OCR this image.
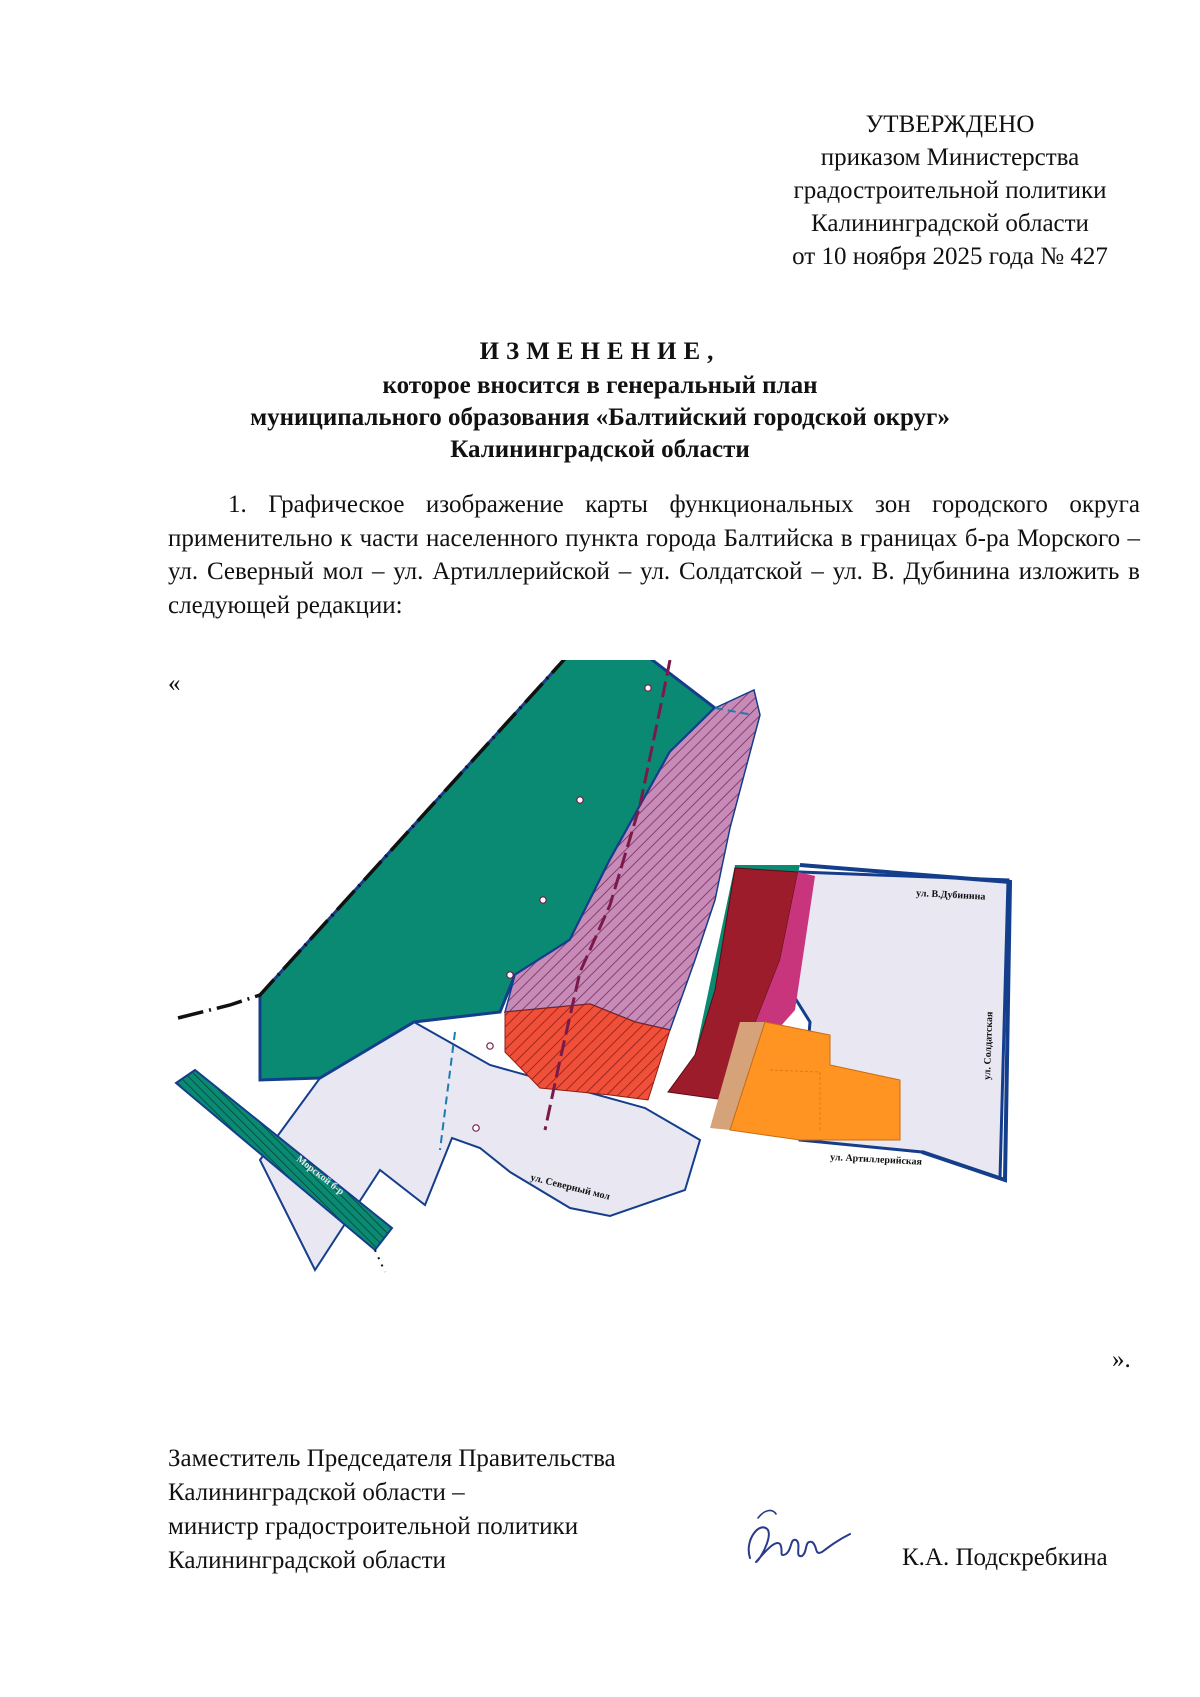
УТВЕРЖДЕНО
приказом Министерства
градостроительной политики
Калининградской области
от 10 ноября 2025 года № 427
ИЗМЕНЕНИЕ,
которое вносится в генеральный план
муниципального образования «Балтийский городской округ»
Калининградской области
1. Графическое изображение карты функциональных зон городского округа применительно к части населенного пункта города Балтийска в границах б-ра Морского – ул. Северный мол – ул. Артиллерийской – ул. Солдатской – ул. В. Дубинина изложить в следующей редакции:
«
ул. В.Дубинина
ул. Солдатская
ул. Артиллерийская
ул. Северный мол
Морской б-р
».
Заместитель Председателя Правительства
Калининградской области –
министр градостроительной политики
Калининградской области	К.А. Подскребкина
